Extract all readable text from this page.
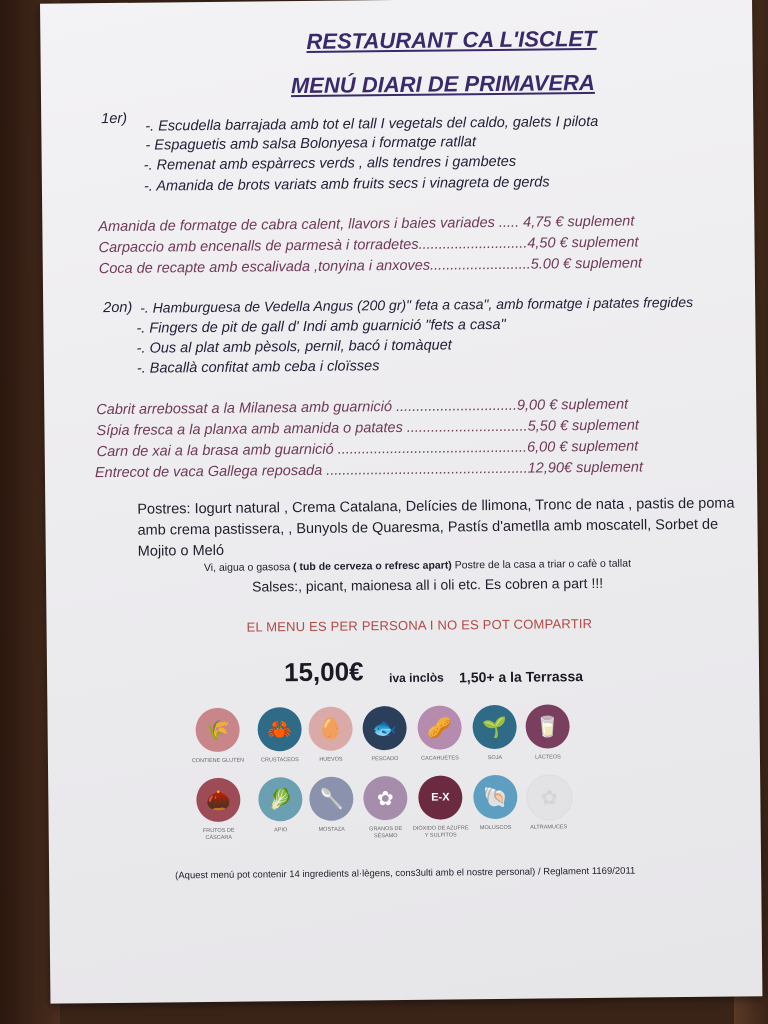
RESTAURANT CA L'ISCLET
MENÚ DIARI DE PRIMAVERA
1er) -. Escudella barrajada amb tot el tall I vegetals del caldo, galets I pilota
- Espaguetis amb salsa Bolonyesa i formatge ratllat
-. Remenat amb espàrrecs verds , alls tendres i gambetes
-. Amanida de brots variats amb fruits secs i vinagreta de gerds
Amanida de formatge de cabra calent, llavors i baies variades ..... 4,75 € suplement
Carpaccio amb encenalls de parmesà i torradetes...........................4,50 € suplement
Coca de recapte amb escalivada ,tonyina i anxoves.........................5.00 € suplement
2on) -. Hamburguesa de Vedella Angus (200 gr)" feta a casa", amb formatge i patates fregides
-. Fingers de pit de gall d' Indi amb guarnició "fets a casa"
-. Ous al plat amb pèsols, pernil, bacó i tomàquet
-. Bacallà confitat amb ceba i cloïsses
Cabrit arrebossat a la Milanesa amb guarnició ..............................9,00 € suplement
Sípia fresca a la planxa amb amanida o patates ..............................5,50 € suplement
Carn de xai a la brasa amb guarnició ...............................................6,00 € suplement
Entrecot de vaca Gallega reposada ..................................................12,90€ suplement
Postres: Iogurt natural , Crema Catalana, Delícies de llimona, Tronc de nata , pastis de poma amb crema pastissera, , Bunyols de Quaresma, Pastís d'ametlla amb moscatell, Sorbet de Mojito o Meló
Vi, aigua o gasosa ( tub de cerveza o refresc apart) Postre de la casa a triar o cafè o tallat
Salses:, picant, maionesa all i oli etc. Es cobren a part !!!
EL MENU ES PER PERSONA I NO ES POT COMPARTIR
15,00€ iva inclòs 1,50+ a la Terrassa
🌾
CONTIENE GLUTEN
🦀
CRUSTACEOS
🥚
HUEVOS
🐟
PESCADO
🥜
CACAHUETES
🌱
SOJA
🥛
LÁCTEOS
🌰
FRUTOS DE CÁSCARA
🥬
APIO
🥄
MOSTAZA
✿
GRANOS DE SÉSAMO
E-X
DIÓXIDO DE AZUFRE Y SULFITOS
🐚
MOLUSCOS
✿
ALTRAMUCES
(Aquest menú pot contenir 14 ingredients al·lègens, cons3ulti amb el nostre personal) / Reglament 1169/2011
